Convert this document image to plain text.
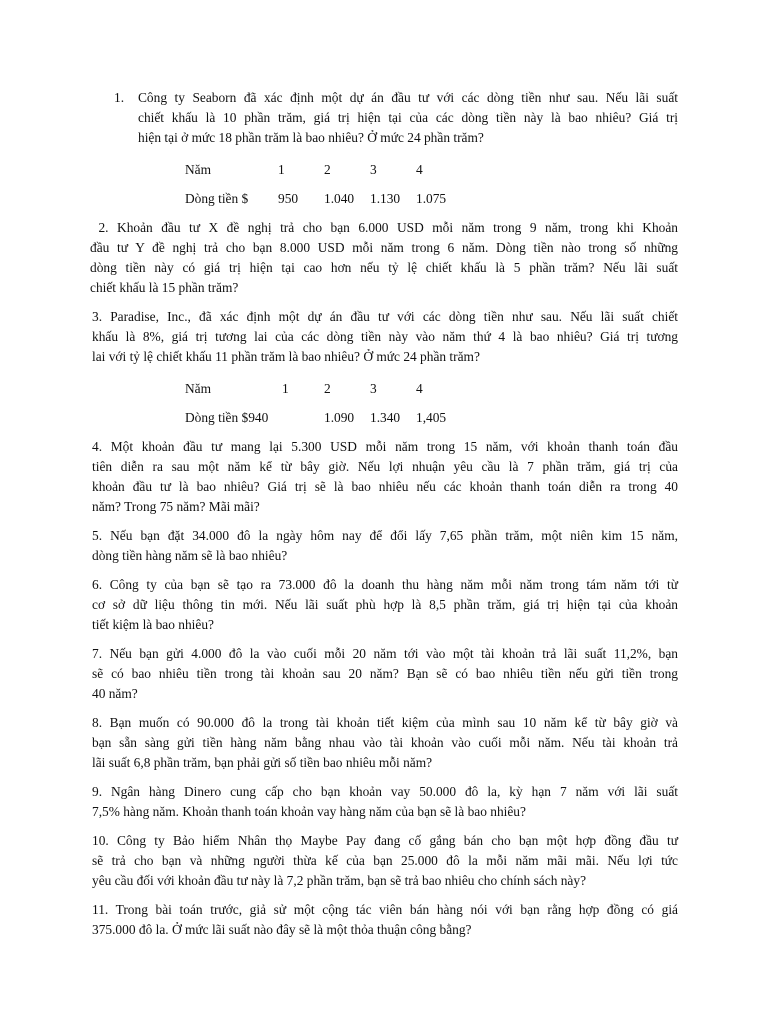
1. Công ty Seaborn đã xác định một dự án đầu tư với các dòng tiền như sau. Nếu lãi suất
chiết khấu là 10 phần trăm, giá trị hiện tại của các dòng tiền này là bao nhiêu? Giá trị
hiện tại ở mức 18 phần trăm là bao nhiêu? Ở mức 24 phần trăm?
Năm	1	2	3	4
Dòng tiền $ 950 1.040 1.130 1.075
2. Khoản đầu tư X đề nghị trả cho bạn 6.000 USD mỗi năm trong 9 năm, trong khi Khoản
đầu tư Y đề nghị trả cho bạn 8.000 USD mỗi năm trong 6 năm. Dòng tiền nào trong số những
dòng tiền này có giá trị hiện tại cao hơn nếu tỷ lệ chiết khấu là 5 phần trăm? Nếu lãi suất
chiết khấu là 15 phần trăm?
3. Paradise, Inc., đã xác định một dự án đầu tư với các dòng tiền như sau. Nếu lãi suất chiết
khấu là 8%, giá trị tương lai của các dòng tiền này vào năm thứ 4 là bao nhiêu? Giá trị tương
lai với tỷ lệ chiết khấu 11 phần trăm là bao nhiêu? Ở mức 24 phần trăm?
Năm	1	2	3	4
Dòng tiền $940	1.090 1.340 1,405
4. Một khoản đầu tư mang lại 5.300 USD mỗi năm trong 15 năm, với khoản thanh toán đầu
tiên diễn ra sau một năm kể từ bây giờ. Nếu lợi nhuận yêu cầu là 7 phần trăm, giá trị của
khoản đầu tư là bao nhiêu? Giá trị sẽ là bao nhiêu nếu các khoản thanh toán diễn ra trong 40
năm? Trong 75 năm? Mãi mãi?
5. Nếu bạn đặt 34.000 đô la ngày hôm nay để đổi lấy 7,65 phần trăm, một niên kim 15 năm,
dòng tiền hàng năm sẽ là bao nhiêu?
6. Công ty của bạn sẽ tạo ra 73.000 đô la doanh thu hàng năm mỗi năm trong tám năm tới từ
cơ sở dữ liệu thông tin mới. Nếu lãi suất phù hợp là 8,5 phần trăm, giá trị hiện tại của khoản
tiết kiệm là bao nhiêu?
7. Nếu bạn gửi 4.000 đô la vào cuối mỗi 20 năm tới vào một tài khoản trả lãi suất 11,2%, bạn
sẽ có bao nhiêu tiền trong tài khoản sau 20 năm? Bạn sẽ có bao nhiêu tiền nếu gửi tiền trong
40 năm?
8. Bạn muốn có 90.000 đô la trong tài khoản tiết kiệm của mình sau 10 năm kể từ bây giờ và
bạn sẵn sàng gửi tiền hàng năm bằng nhau vào tài khoản vào cuối mỗi năm. Nếu tài khoản trả
lãi suất 6,8 phần trăm, bạn phải gửi số tiền bao nhiêu mỗi năm?
9. Ngân hàng Dinero cung cấp cho bạn khoản vay 50.000 đô la, kỳ hạn 7 năm với lãi suất
7,5% hàng năm. Khoản thanh toán khoản vay hàng năm của bạn sẽ là bao nhiêu?
10. Công ty Bảo hiểm Nhân thọ Maybe Pay đang cố gắng bán cho bạn một hợp đồng đầu tư
sẽ trả cho bạn và những người thừa kế của bạn 25.000 đô la mỗi năm mãi mãi. Nếu lợi tức
yêu cầu đối với khoản đầu tư này là 7,2 phần trăm, bạn sẽ trả bao nhiêu cho chính sách này?
11. Trong bài toán trước, giả sử một cộng tác viên bán hàng nói với bạn rằng hợp đồng có giá
375.000 đô la. Ở mức lãi suất nào đây sẽ là một thỏa thuận công bằng?
